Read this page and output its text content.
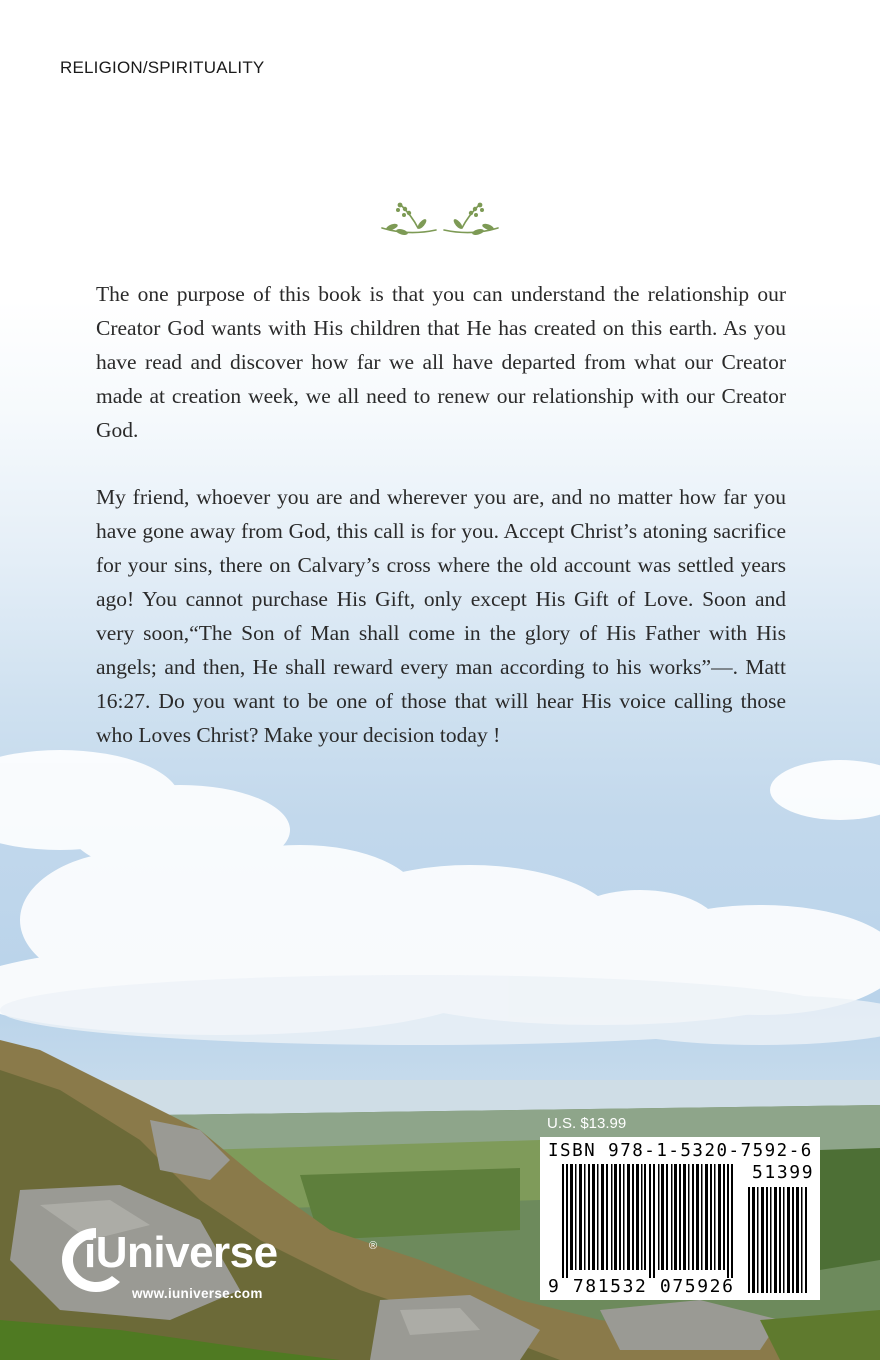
RELIGION/SPIRITUALITY

The one purpose of this book is that you can understand the relationship our Creator God wants with His children that He has created on this earth. As you have read and discover how far we all have departed from what our Creator made at creation week, we all need to renew our relationship with our Creator God.

My friend, whoever you are and wherever you are, and no matter how far you have gone away from God, this call is for you. Accept Christ’s atoning sacrifice for your sins, there on Calvary’s cross where the old account was settled years ago! You cannot purchase His Gift, only except His Gift of Love. Soon and very soon,“The Son of Man shall come in the glory of His Father with His angels; and then, He shall reward every man according to his works”—. Matt 16:27. Do you want to be one of those that will hear His voice calling those who Loves Christ? Make your decision today !

U.S. $13.99
ISBN 978-1-5320-7592-6
51399
9 781532 075926
iUniverse	®
www.iuniverse.com
